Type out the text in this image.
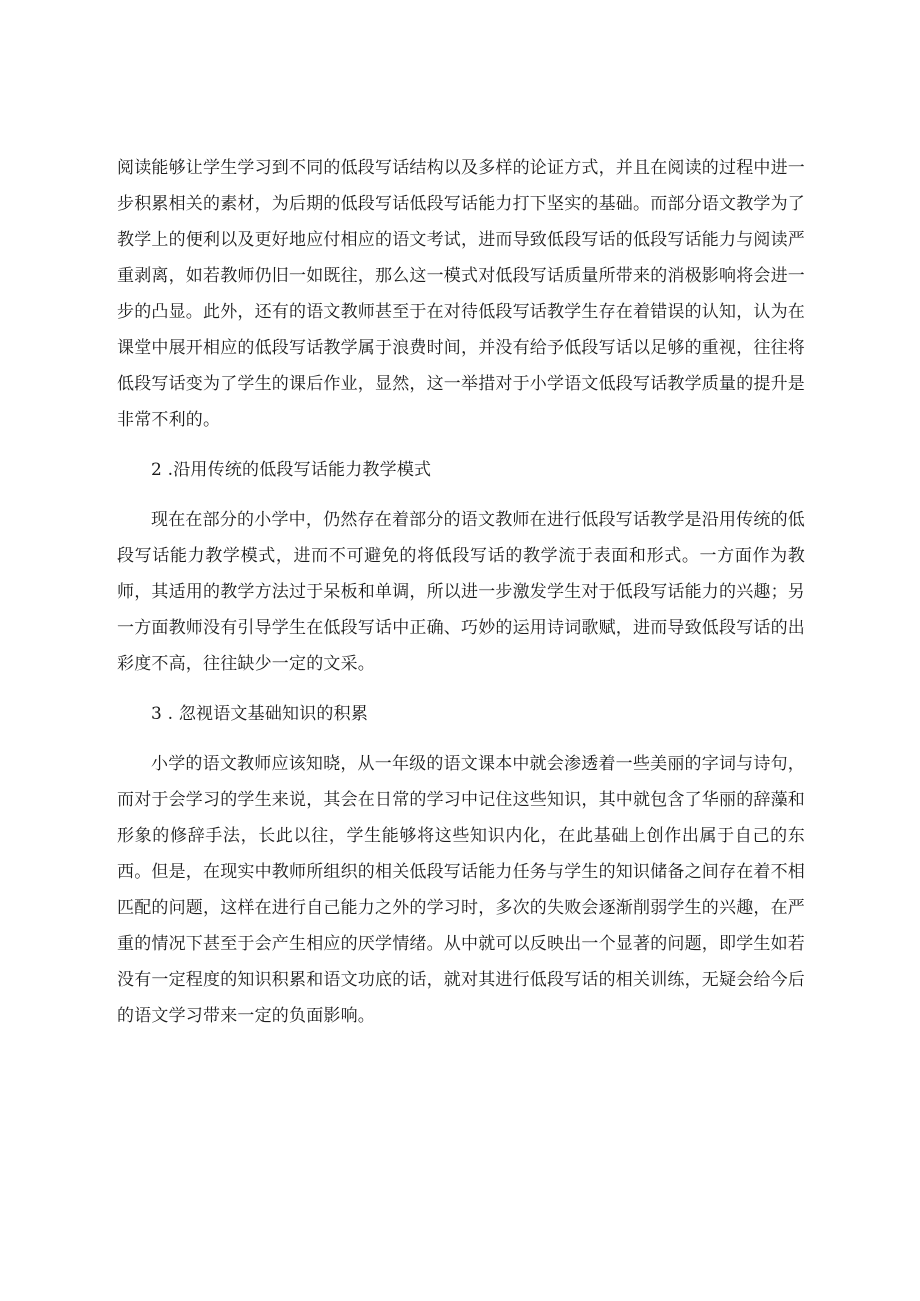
阅读能够让学生学习到不同的低段写话结构以及多样的论证方式，并且在阅读的过程中进一步积累相关的素材，为后期的低段写话低段写话能力打下坚实的基础。而部分语文教学为了教学上的便利以及更好地应付相应的语文考试，进而导致低段写话的低段写话能力与阅读严重剥离，如若教师仍旧一如既往，那么这一模式对低段写话质量所带来的消极影响将会进一步的凸显。此外，还有的语文教师甚至于在对待低段写话教学生存在着错误的认知，认为在课堂中展开相应的低段写话教学属于浪费时间，并没有给予低段写话以足够的重视，往往将低段写话变为了学生的课后作业，显然，这一举措对于小学语文低段写话教学质量的提升是非常不利的。

2 .沿用传统的低段写话能力教学模式

现在在部分的小学中，仍然存在着部分的语文教师在进行低段写话教学是沿用传统的低段写话能力教学模式，进而不可避免的将低段写话的教学流于表面和形式。一方面作为教师，其适用的教学方法过于呆板和单调，所以进一步激发学生对于低段写话能力的兴趣；另一方面教师没有引导学生在低段写话中正确、巧妙的运用诗词歌赋，进而导致低段写话的出彩度不高，往往缺少一定的文采。

3 . 忽视语文基础知识的积累

小学的语文教师应该知晓，从一年级的语文课本中就会渗透着一些美丽的字词与诗句，而对于会学习的学生来说，其会在日常的学习中记住这些知识，其中就包含了华丽的辞藻和形象的修辞手法，长此以往，学生能够将这些知识内化，在此基础上创作出属于自己的东西。但是，在现实中教师所组织的相关低段写话能力任务与学生的知识储备之间存在着不相匹配的问题，这样在进行自己能力之外的学习时，多次的失败会逐渐削弱学生的兴趣，在严重的情况下甚至于会产生相应的厌学情绪。从中就可以反映出一个显著的问题，即学生如若没有一定程度的知识积累和语文功底的话，就对其进行低段写话的相关训练，无疑会给今后的语文学习带来一定的负面影响。
